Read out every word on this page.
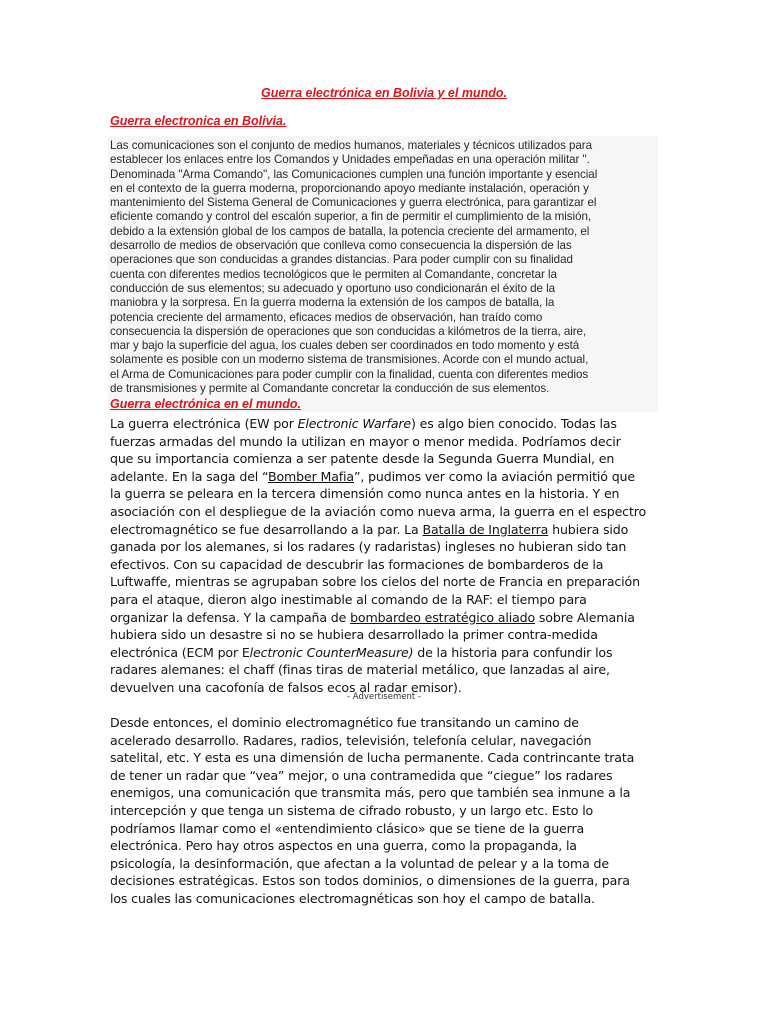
Guerra electrónica en Bolivia y el mundo.
Guerra electronica en Bolivia.
Las comunicaciones son el conjunto de medios humanos, materiales y técnicos utilizados para
establecer los enlaces entre los Comandos y Unidades empeñadas en una operación militar ".
Denominada "Arma Comando", las Comunicaciones cumplen una función importante y esencial
en el contexto de la guerra moderna, proporcionando apoyo mediante instalación, operación y
mantenimiento del Sistema General de Comunicaciones y guerra electrónica, para garantizar el
eficiente comando y control del escalón superior, a fin de permitir el cumplimiento de la misión,
debido a la extensión global de los campos de batalla, la potencia creciente del armamento, el
desarrollo de medios de observación que conlleva como consecuencia la dispersión de las
operaciones que son conducidas a grandes distancias. Para poder cumplir con su finalidad
cuenta con diferentes medios tecnológicos que le permiten al Comandante, concretar la
conducción de sus elementos; su adecuado y oportuno uso condicionarán el éxito de la
maniobra y la sorpresa. En la guerra moderna la extensión de los campos de batalla, la
potencia creciente del armamento, eficaces medios de observación, han traído como
consecuencia la dispersión de operaciones que son conducidas a kilómetros de la tierra, aire,
mar y bajo la superficie del agua, los cuales deben ser coordinados en todo momento y está
solamente es posible con un moderno sistema de transmisiones. Acorde con el mundo actual,
el Arma de Comunicaciones para poder cumplir con la finalidad, cuenta con diferentes medios
de transmisiones y permite al Comandante concretar la conducción de sus elementos.
Guerra electrónica en el mundo.
La guerra electrónica (EW por Electronic Warfare) es algo bien conocido. Todas las
fuerzas armadas del mundo la utilizan en mayor o menor medida. Podríamos decir
que su importancia comienza a ser patente desde la Segunda Guerra Mundial, en
adelante. En la saga del “Bomber Mafia”, pudimos ver como la aviación permitió que
la guerra se peleara en la tercera dimensión como nunca antes en la historia. Y en
asociación con el despliegue de la aviación como nueva arma, la guerra en el espectro
electromagnético se fue desarrollando a la par. La Batalla de Inglaterra hubiera sido
ganada por los alemanes, si los radares (y radaristas) ingleses no hubieran sido tan
efectivos. Con su capacidad de descubrir las formaciones de bombarderos de la
Luftwaffe, mientras se agrupaban sobre los cielos del norte de Francia en preparación
para el ataque, dieron algo inestimable al comando de la RAF: el tiempo para
organizar la defensa. Y la campaña de bombardeo estratégico aliado sobre Alemania
hubiera sido un desastre si no se hubiera desarrollado la primer contra-medida
electrónica (ECM por Electronic CounterMeasure) de la historia para confundir los
radares alemanes: el chaff (finas tiras de material metálico, que lanzadas al aire,
devuelven una cacofonía de falsos ecos al radar emisor).
- Advertisement -
Desde entonces, el dominio electromagnético fue transitando un camino de
acelerado desarrollo. Radares, radios, televisión, telefonía celular, navegación
satelital, etc. Y esta es una dimensión de lucha permanente. Cada contrincante trata
de tener un radar que “vea” mejor, o una contramedida que “ciegue” los radares
enemigos, una comunicación que transmita más, pero que también sea inmune a la
intercepción y que tenga un sistema de cifrado robusto, y un largo etc. Esto lo
podríamos llamar como el «entendimiento clásico» que se tiene de la guerra
electrónica. Pero hay otros aspectos en una guerra, como la propaganda, la
psicología, la desinformación, que afectan a la voluntad de pelear y a la toma de
decisiones estratégicas. Estos son todos dominios, o dimensiones de la guerra, para
los cuales las comunicaciones electromagnéticas son hoy el campo de batalla.
